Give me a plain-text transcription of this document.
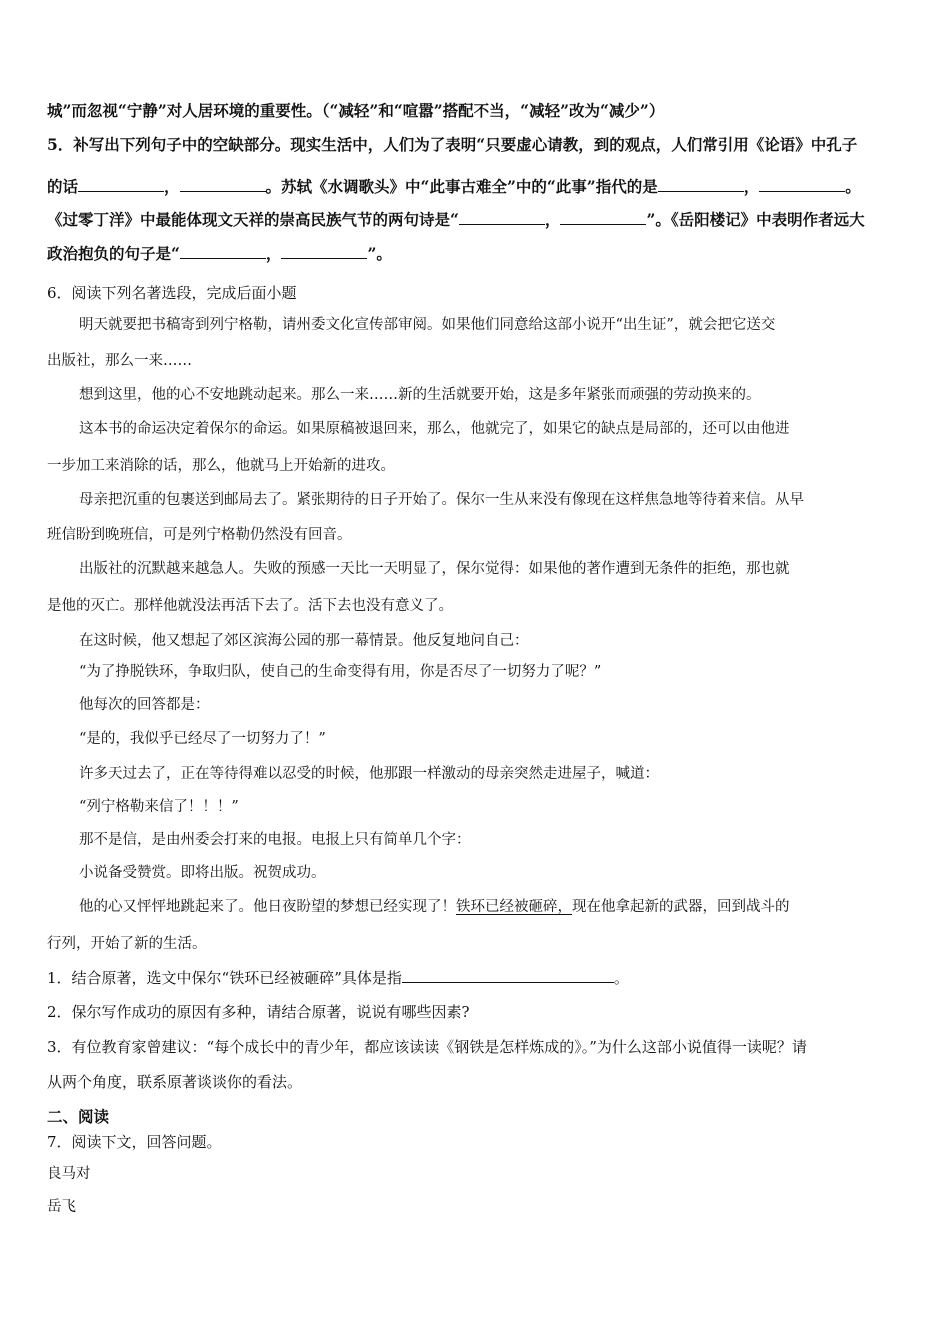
城”而忽视“宁静”对人居环境的重要性。（“减轻”和“喧嚣”搭配不当，“减轻”改为“减少”）
5．补写出下列句子中的空缺部分。现实生活中，人们为了表明“只要虚心请教，到的观点，人们常引用《论语》中孔子
的话	，	。苏轼《水调歌头》中“此事古难全”中的“此事”指代的是	，	。
《过零丁洋》中最能体现文天祥的崇高民族气节的两句诗是“	，	”。《岳阳楼记》中表明作者远大
政治抱负的句子是“	，	”。
6．阅读下列名著选段，完成后面小题
明天就要把书稿寄到列宁格勒，请州委文化宣传部审阅。如果他们同意给这部小说开“出生证”，就会把它送交
出版社，那么一来……
想到这里，他的心不安地跳动起来。那么一来……新的生活就要开始，这是多年紧张而顽强的劳动换来的。
这本书的命运决定着保尔的命运。如果原稿被退回来，那么，他就完了，如果它的缺点是局部的，还可以由他进
一步加工来消除的话，那么，他就马上开始新的进攻。
母亲把沉重的包裹送到邮局去了。紧张期待的日子开始了。保尔一生从来没有像现在这样焦急地等待着来信。从早
班信盼到晚班信，可是列宁格勒仍然没有回音。
出版社的沉默越来越急人。失败的预感一天比一天明显了，保尔觉得：如果他的著作遭到无条件的拒绝，那也就
是他的灭亡。那样他就没法再活下去了。活下去也没有意义了。
在这时候，他又想起了郊区滨海公园的那一幕情景。他反复地问自己：
“为了挣脱铁环，争取归队，使自己的生命变得有用，你是否尽了一切努力了呢？”
他每次的回答都是：
“是的，我似乎已经尽了一切努力了！”
许多天过去了，正在等待得难以忍受的时候，他那跟一样激动的母亲突然走进屋子，喊道：
“列宁格勒来信了！！！”
那不是信，是由州委会打来的电报。电报上只有简单几个字：
小说备受赞赏。即将出版。祝贺成功。
他的心又怦怦地跳起来了。他日夜盼望的梦想已经实现了！铁环已经被砸碎，现在他拿起新的武器，回到战斗的
行列，开始了新的生活。
1．结合原著，选文中保尔“铁环已经被砸碎”具体是指	。
2．保尔写作成功的原因有多种，请结合原著，说说有哪些因素?
3．有位教育家曾建议：“每个成长中的青少年，都应该读读《钢铁是怎样炼成的》。”为什么这部小说值得一读呢？请
从两个角度，联系原著谈谈你的看法。
二、阅读
7．阅读下文，回答问题。
良马对
岳飞
